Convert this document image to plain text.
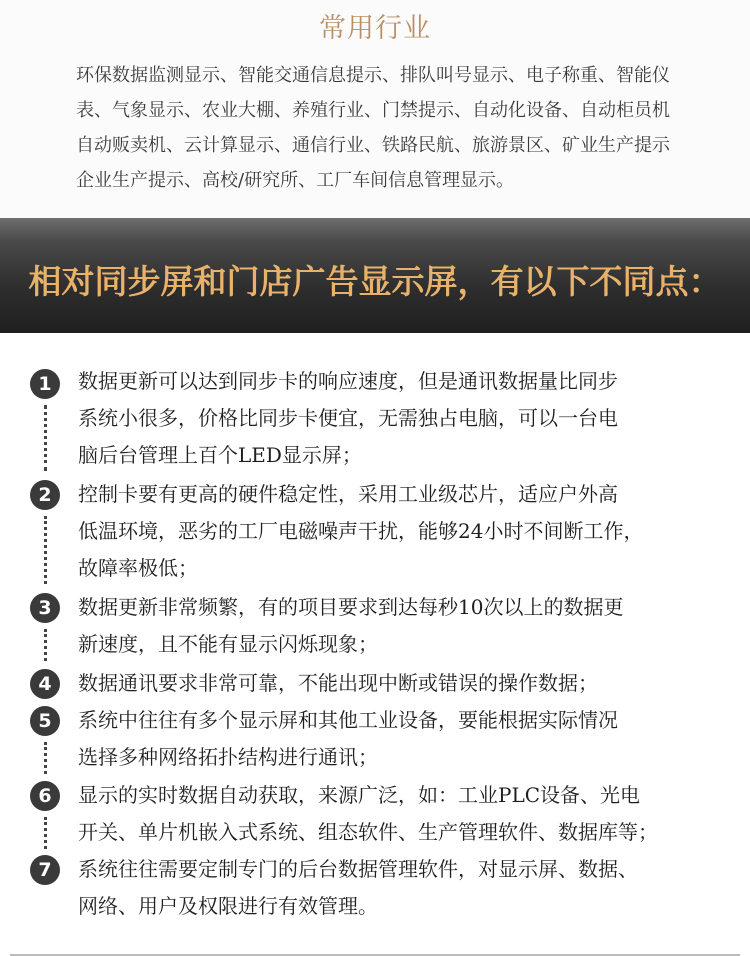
常用行业
环保数据监测显示、智能交通信息提示、排队叫号显示、电子称重、智能仪
表、气象显示、农业大棚、养殖行业、门禁提示、自动化设备、自动柜员机
自动贩卖机、云计算显示、通信行业、铁路民航、旅游景区、矿业生产提示
企业生产提示、高校/研究所、工厂车间信息管理显示。
相对同步屏和门店广告显示屏，有以下不同点：
1	数据更新可以达到同步卡的响应速度，但是通讯数据量比同步
系统小很多，价格比同步卡便宜，无需独占电脑，可以一台电
脑后台管理上百个LED显示屏；
2	控制卡要有更高的硬件稳定性，采用工业级芯片，适应户外高
低温环境，恶劣的工厂电磁噪声干扰，能够24小时不间断工作，
故障率极低；
3	数据更新非常频繁，有的项目要求到达每秒10次以上的数据更
新速度，且不能有显示闪烁现象；
4	数据通讯要求非常可靠，不能出现中断或错误的操作数据；
5	系统中往往有多个显示屏和其他工业设备，要能根据实际情况
选择多种网络拓扑结构进行通讯；
6	显示的实时数据自动获取，来源广泛，如：工业PLC设备、光电
开关、单片机嵌入式系统、组态软件、生产管理软件、数据库等；
7	系统往往需要定制专门的后台数据管理软件，对显示屏、数据、
网络、用户及权限进行有效管理。
